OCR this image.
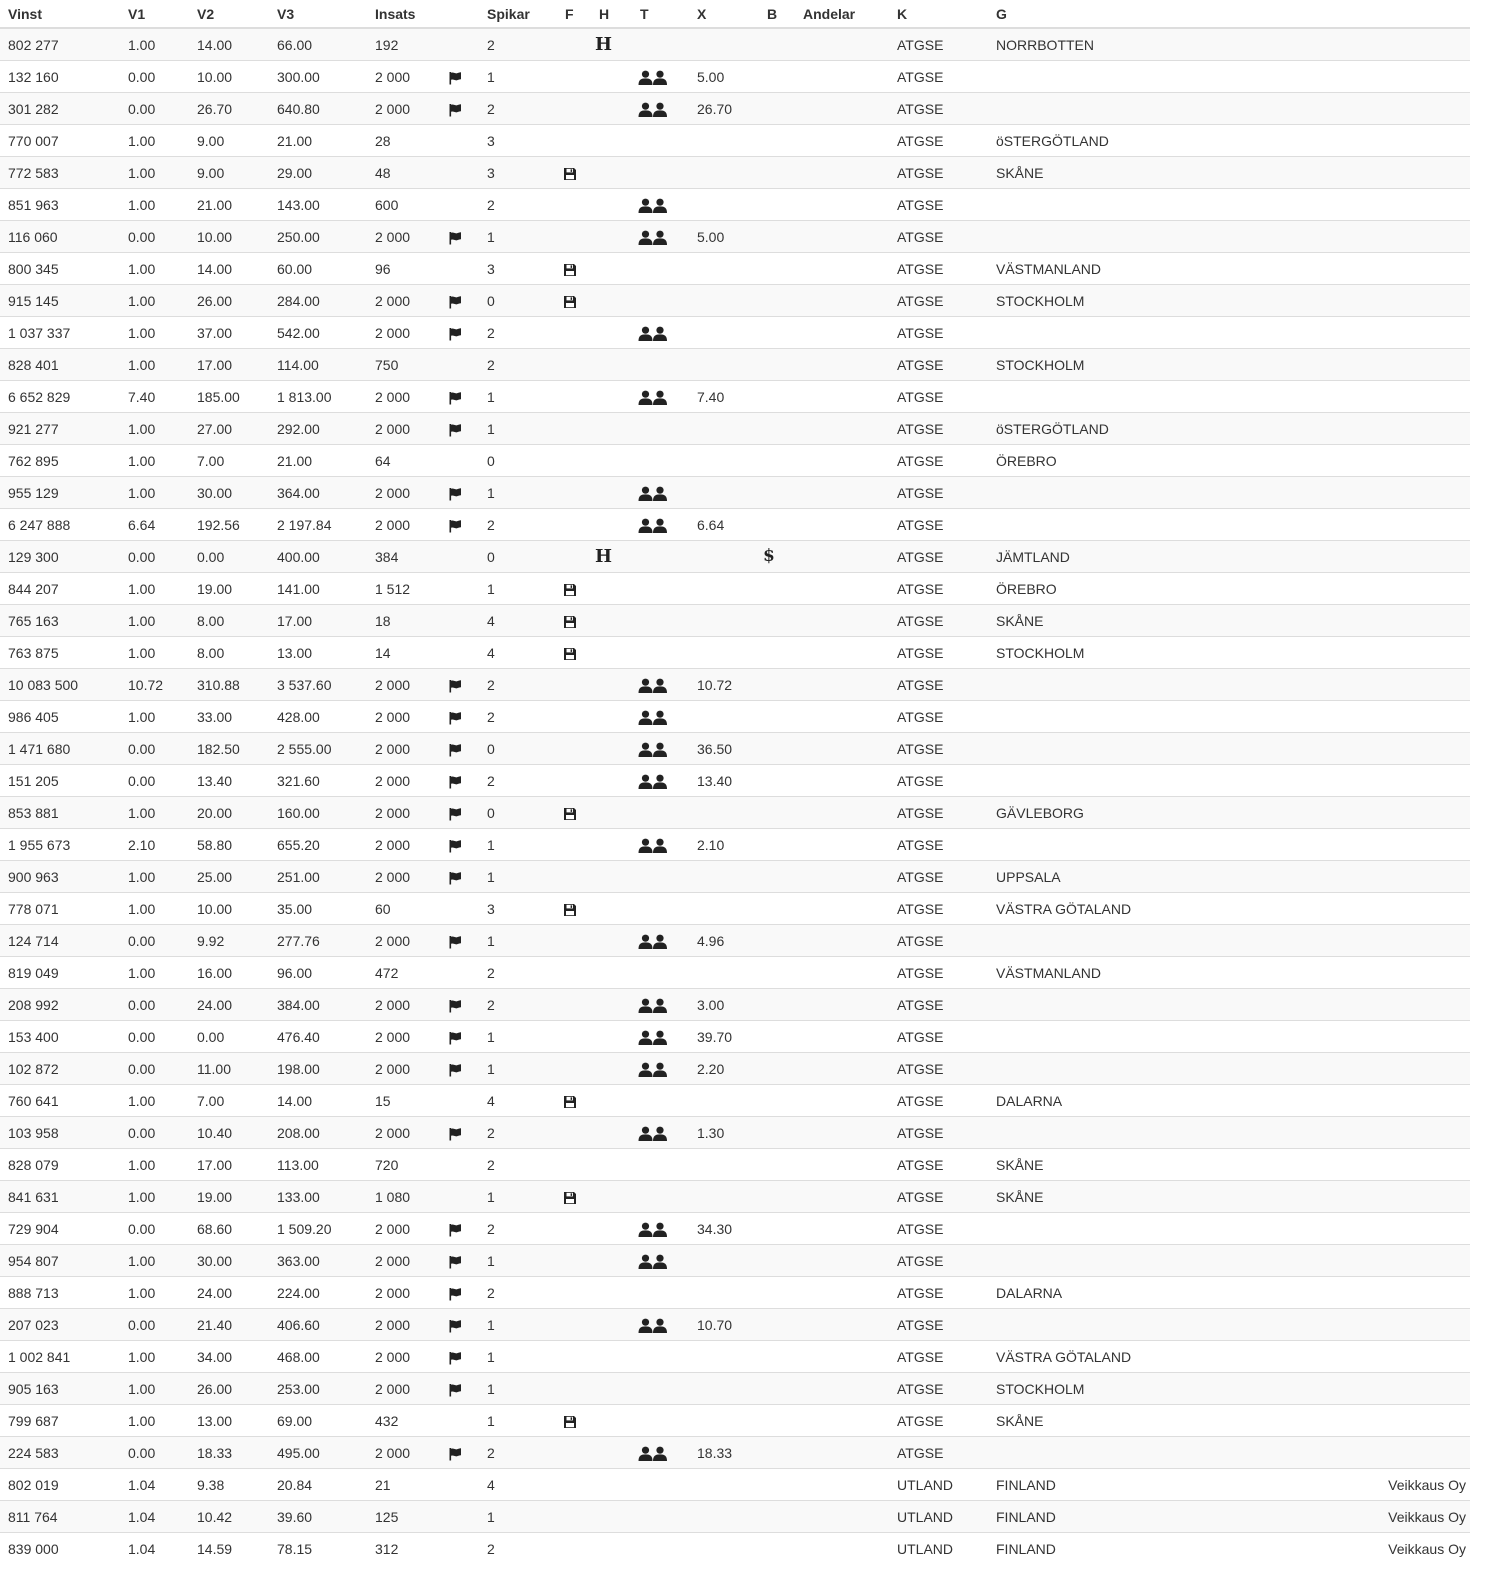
Vinst	V1	V2	V3	Insats		Spikar	F	H	T	X	B	Andelar	K	G	
802 277	1.00	14.00	66.00	192		2		H					ATGSE	NORRBOTTEN	
132 160	0.00	10.00	300.00	2 000		1				5.00			ATGSE		
301 282	0.00	26.70	640.80	2 000		2				26.70			ATGSE		
770 007	1.00	9.00	21.00	28		3							ATGSE	öSTERGÖTLAND	
772 583	1.00	9.00	29.00	48		3							ATGSE	SKÅNE	
851 963	1.00	21.00	143.00	600		2							ATGSE		
116 060	0.00	10.00	250.00	2 000		1				5.00			ATGSE		
800 345	1.00	14.00	60.00	96		3							ATGSE	VÄSTMANLAND	
915 145	1.00	26.00	284.00	2 000		0							ATGSE	STOCKHOLM	
1 037 337	1.00	37.00	542.00	2 000		2							ATGSE		
828 401	1.00	17.00	114.00	750		2							ATGSE	STOCKHOLM	
6 652 829	7.40	185.00	1 813.00	2 000		1				7.40			ATGSE		
921 277	1.00	27.00	292.00	2 000		1							ATGSE	öSTERGÖTLAND	
762 895	1.00	7.00	21.00	64		0							ATGSE	ÖREBRO	
955 129	1.00	30.00	364.00	2 000		1							ATGSE		
6 247 888	6.64	192.56	2 197.84	2 000		2				6.64			ATGSE		
129 300	0.00	0.00	400.00	384		0		H			$		ATGSE	JÄMTLAND	
844 207	1.00	19.00	141.00	1 512		1							ATGSE	ÖREBRO	
765 163	1.00	8.00	17.00	18		4							ATGSE	SKÅNE	
763 875	1.00	8.00	13.00	14		4							ATGSE	STOCKHOLM	
10 083 500	10.72	310.88	3 537.60	2 000		2				10.72			ATGSE		
986 405	1.00	33.00	428.00	2 000		2							ATGSE		
1 471 680	0.00	182.50	2 555.00	2 000		0				36.50			ATGSE		
151 205	0.00	13.40	321.60	2 000		2				13.40			ATGSE		
853 881	1.00	20.00	160.00	2 000		0							ATGSE	GÄVLEBORG	
1 955 673	2.10	58.80	655.20	2 000		1				2.10			ATGSE		
900 963	1.00	25.00	251.00	2 000		1							ATGSE	UPPSALA	
778 071	1.00	10.00	35.00	60		3							ATGSE	VÄSTRA GÖTALAND	
124 714	0.00	9.92	277.76	2 000		1				4.96			ATGSE		
819 049	1.00	16.00	96.00	472		2							ATGSE	VÄSTMANLAND	
208 992	0.00	24.00	384.00	2 000		2				3.00			ATGSE		
153 400	0.00	0.00	476.40	2 000		1				39.70			ATGSE		
102 872	0.00	11.00	198.00	2 000		1				2.20			ATGSE		
760 641	1.00	7.00	14.00	15		4							ATGSE	DALARNA	
103 958	0.00	10.40	208.00	2 000		2				1.30			ATGSE		
828 079	1.00	17.00	113.00	720		2							ATGSE	SKÅNE	
841 631	1.00	19.00	133.00	1 080		1							ATGSE	SKÅNE	
729 904	0.00	68.60	1 509.20	2 000		2				34.30			ATGSE		
954 807	1.00	30.00	363.00	2 000		1							ATGSE		
888 713	1.00	24.00	224.00	2 000		2							ATGSE	DALARNA	
207 023	0.00	21.40	406.60	2 000		1				10.70			ATGSE		
1 002 841	1.00	34.00	468.00	2 000		1							ATGSE	VÄSTRA GÖTALAND	
905 163	1.00	26.00	253.00	2 000		1							ATGSE	STOCKHOLM	
799 687	1.00	13.00	69.00	432		1							ATGSE	SKÅNE	
224 583	0.00	18.33	495.00	2 000		2				18.33			ATGSE		
802 019	1.04	9.38	20.84	21		4							UTLAND	FINLAND	Veikkaus Oy
811 764	1.04	10.42	39.60	125		1							UTLAND	FINLAND	Veikkaus Oy
839 000	1.04	14.59	78.15	312		2							UTLAND	FINLAND	Veikkaus Oy
